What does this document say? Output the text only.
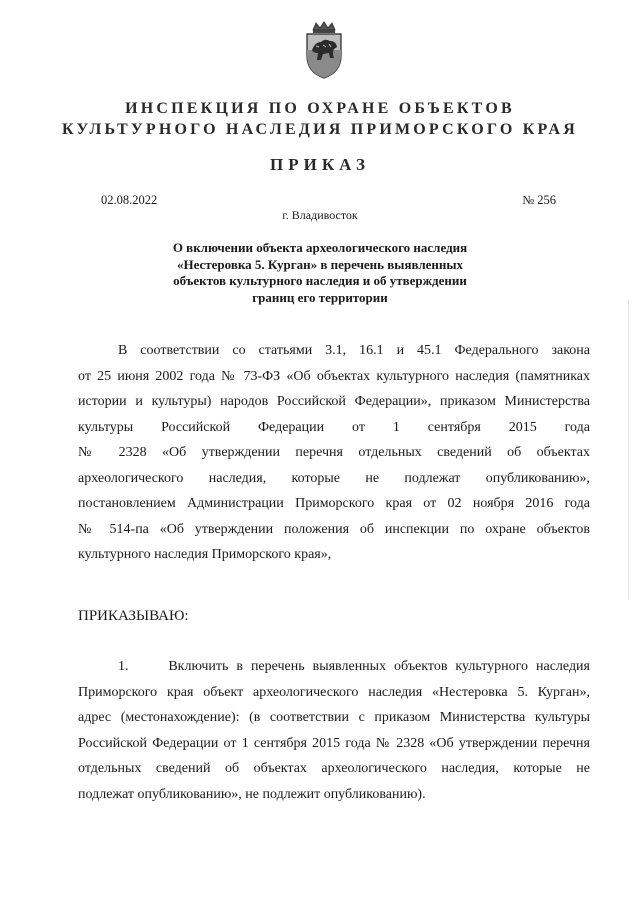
ИНСПЕКЦИЯ ПО ОХРАНЕ ОБЪЕКТОВ
КУЛЬТУРНОГО НАСЛЕДИЯ ПРИМОРСКОГО КРАЯ
ПРИКАЗ
02.08.2022	№ 256
г. Владивосток
О включении объекта археологического наследия
«Нестеровка 5. Курган» в перечень выявленных
объектов культурного наследия и об утверждении
границ его территории
В соответствии со статьями 3.1, 16.1 и 45.1 Федерального закона
от 25 июня 2002 года № 73-ФЗ «Об объектах культурного наследия (памятниках
истории и культуры) народов Российской Федерации», приказом Министерства
культуры Российской Федерации от 1 сентября 2015 года
№ 2328 «Об утверждении перечня отдельных сведений об объектах
археологического наследия, которые не подлежат опубликованию»,
постановлением Администрации Приморского края от 02 ноября 2016 года
№ 514-па «Об утверждении положения об инспекции по охране объектов
культурного наследия Приморского края»,
ПРИКАЗЫВАЮ:
1.     Включить в перечень выявленных объектов культурного наследия
Приморского края объект археологического наследия «Нестеровка 5. Курган»,
адрес (местонахождение): (в соответствии с приказом Министерства культуры
Российской Федерации от 1 сентября 2015 года № 2328 «Об утверждении перечня
отдельных сведений об объектах археологического наследия, которые не
подлежат опубликованию», не подлежит опубликованию).
